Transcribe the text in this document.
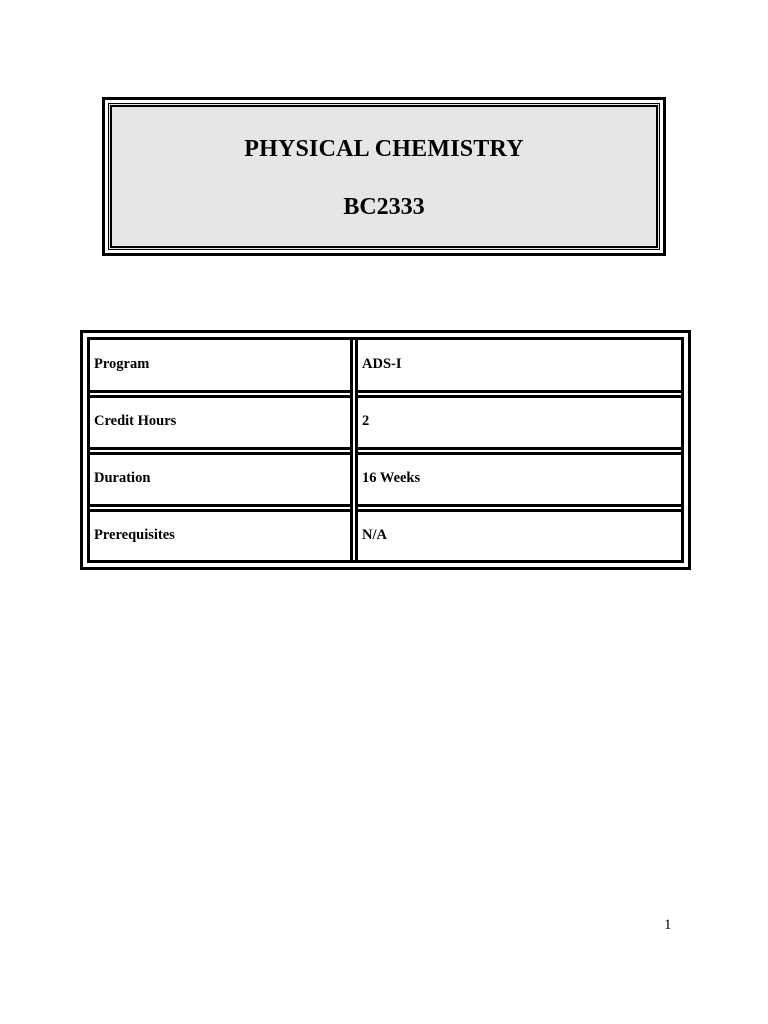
PHYSICAL CHEMISTRY
BC2333
Program	ADS-I
Credit Hours	2
Duration	16 Weeks
Prerequisites	N/A
1
